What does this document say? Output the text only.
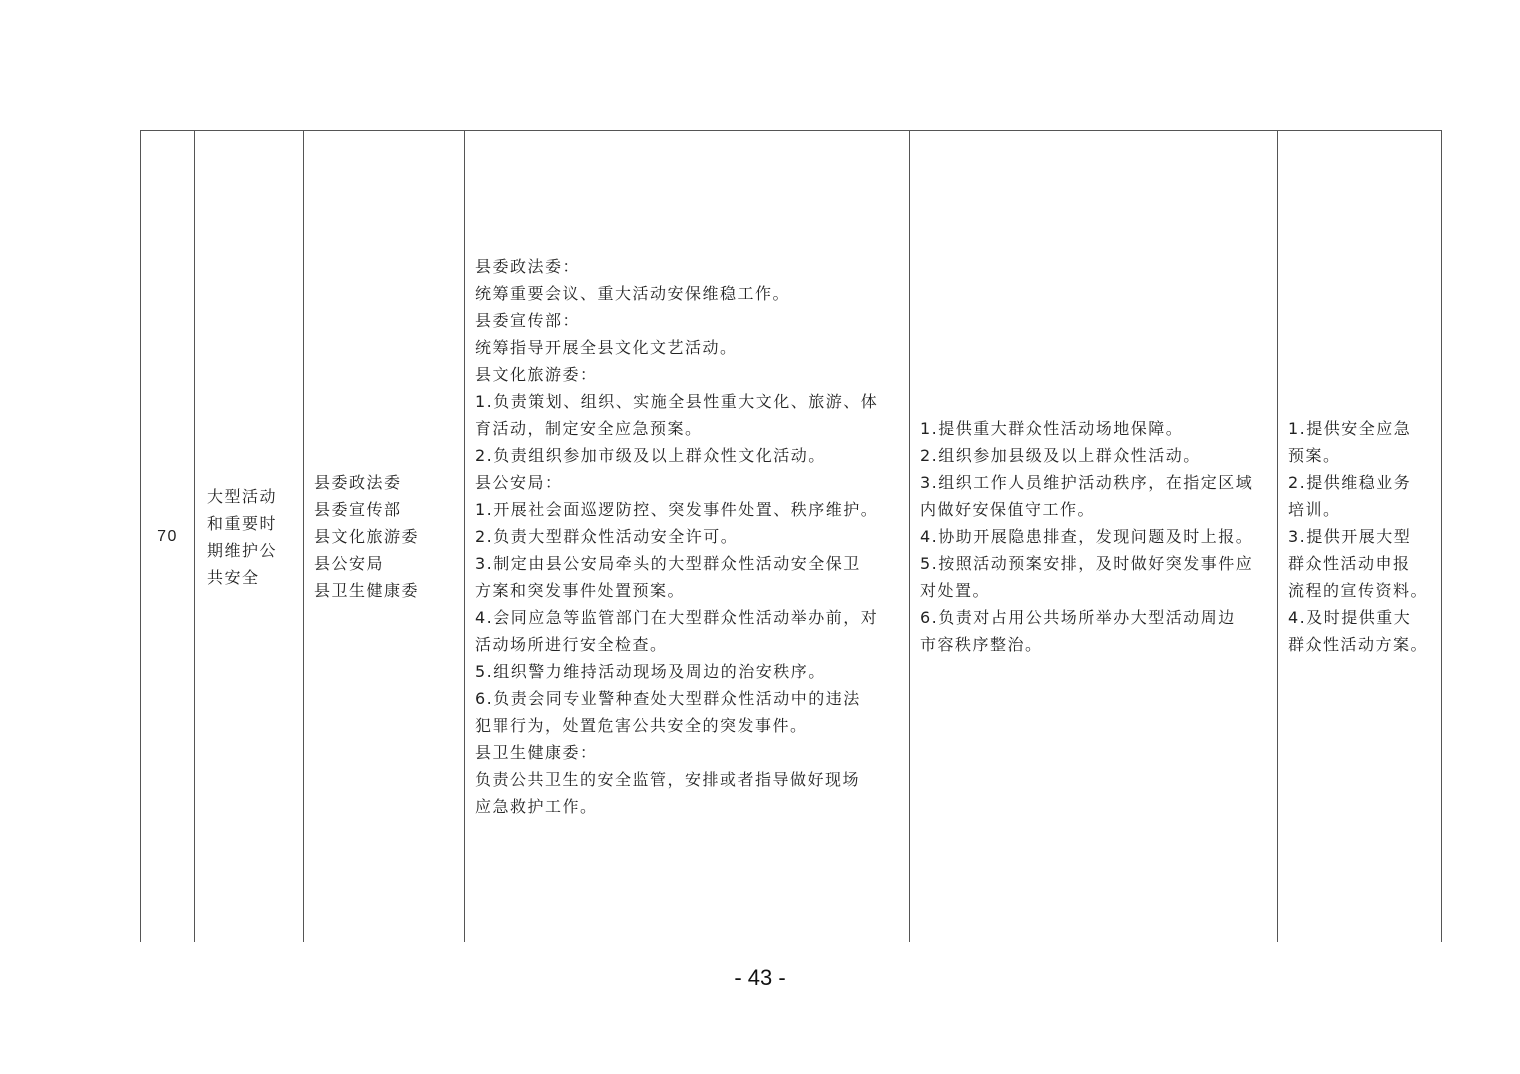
70	
大型活动
和重要时
期维护公
共安全

县委政法委
县委宣传部
县文化旅游委
县公安局
县卫生健康委

县委政法委：
统筹重要会议、重大活动安保维稳工作。
县委宣传部：
统筹指导开展全县文化文艺活动。
县文化旅游委：
1.负责策划、组织、实施全县性重大文化、旅游、体
育活动，制定安全应急预案。
2.负责组织参加市级及以上群众性文化活动。
县公安局：
1.开展社会面巡逻防控、突发事件处置、秩序维护。
2.负责大型群众性活动安全许可。
3.制定由县公安局牵头的大型群众性活动安全保卫
方案和突发事件处置预案。
4.会同应急等监管部门在大型群众性活动举办前，对
活动场所进行安全检查。
5.组织警力维持活动现场及周边的治安秩序。
6.负责会同专业警种查处大型群众性活动中的违法
犯罪行为，处置危害公共安全的突发事件。
县卫生健康委：
负责公共卫生的安全监管，安排或者指导做好现场
应急救护工作。

1.提供重大群众性活动场地保障。
2.组织参加县级及以上群众性活动。
3.组织工作人员维护活动秩序，在指定区域
内做好安保值守工作。
4.协助开展隐患排查，发现问题及时上报。
5.按照活动预案安排，及时做好突发事件应
对处置。
6.负责对占用公共场所举办大型活动周边
市容秩序整治。

1.提供安全应急
预案。
2.提供维稳业务
培训。
3.提供开展大型
群众性活动申报
流程的宣传资料。
4.及时提供重大
群众性活动方案。
- 43 -
